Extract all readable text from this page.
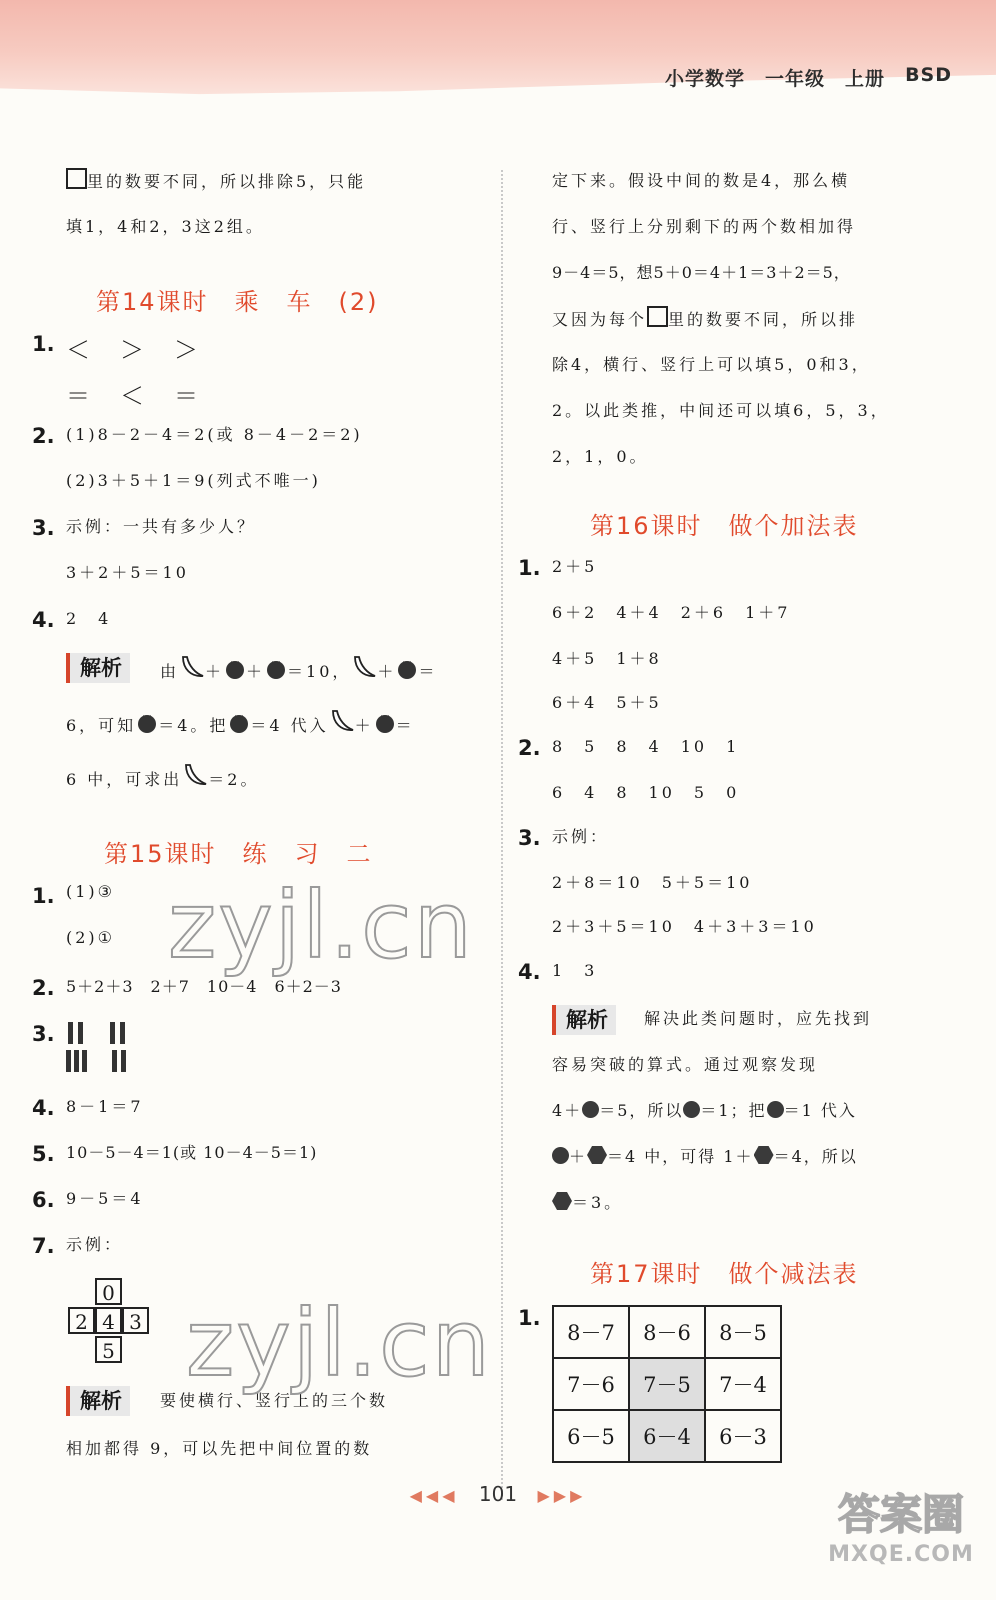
小学数学 一年级 上册 BSD
里的数要不同，所以排除5，只能
填1，4和2，3这2组。
第14课时　乘　车　(2)
1. ＜　＞　＞
＝　＜　＝
2. (1)8－2－4＝2(或 8－4－2＝2)
(2)3＋5＋1＝9(列式不唯一)
3. 示例：一共有多少人？
3＋2＋5＝10
4. 2　4
解析	由 ＋ ＋ ＝10， ＋ ＝
6，可知 ＝4。把 ＝4 代入 ＋ ＝
6 中，可求出 ＝2。
第15课时　练　习　二
1. (1)③
(2)①
2. 5＋2＋3　2＋7　10－4　6＋2－3
3.
4. 8－1＝7
5. 10－5－4＝1(或 10－4－5＝1)
6. 9－5＝4
7. 示例：
0
2 4 3
5
解析	要使横行、竖行上的三个数
相加都得 9，可以先把中间位置的数
定下来。假设中间的数是4，那么横
行、竖行上分别剩下的两个数相加得
9－4＝5，想5＋0＝4＋1＝3＋2＝5，
又因为每个 里的数要不同，所以排
除4，横行、竖行上可以填5，0和3，
2。以此类推，中间还可以填6，5，3，
2，1，0。
第16课时　做个加法表
1. 2＋5
6＋2　4＋4　2＋6　1＋7
4＋5　1＋8
6＋4　5＋5
2. 8　5　8　4　10　1
6　4　8　10　5　0
3. 示例：
2＋8＝10　5＋5＝10
2＋3＋5＝10　4＋3＋3＝10
4. 1　3
解析	解决此类问题时，应先找到
容易突破的算式。通过观察发现
4＋ ＝5，所以 ＝1；把 ＝1 代入
＋ ＝4 中，可得 1＋ ＝4，所以
＝3。
第17课时　做个减法表
1.
8－7	8－6	8－5
7－6	7－5	7－4
6－5	6－4	6－3
zyjl.cn
zyjl.cn
◀◀◀ 101 ▶▶▶	答案圈
MXQE.COM
